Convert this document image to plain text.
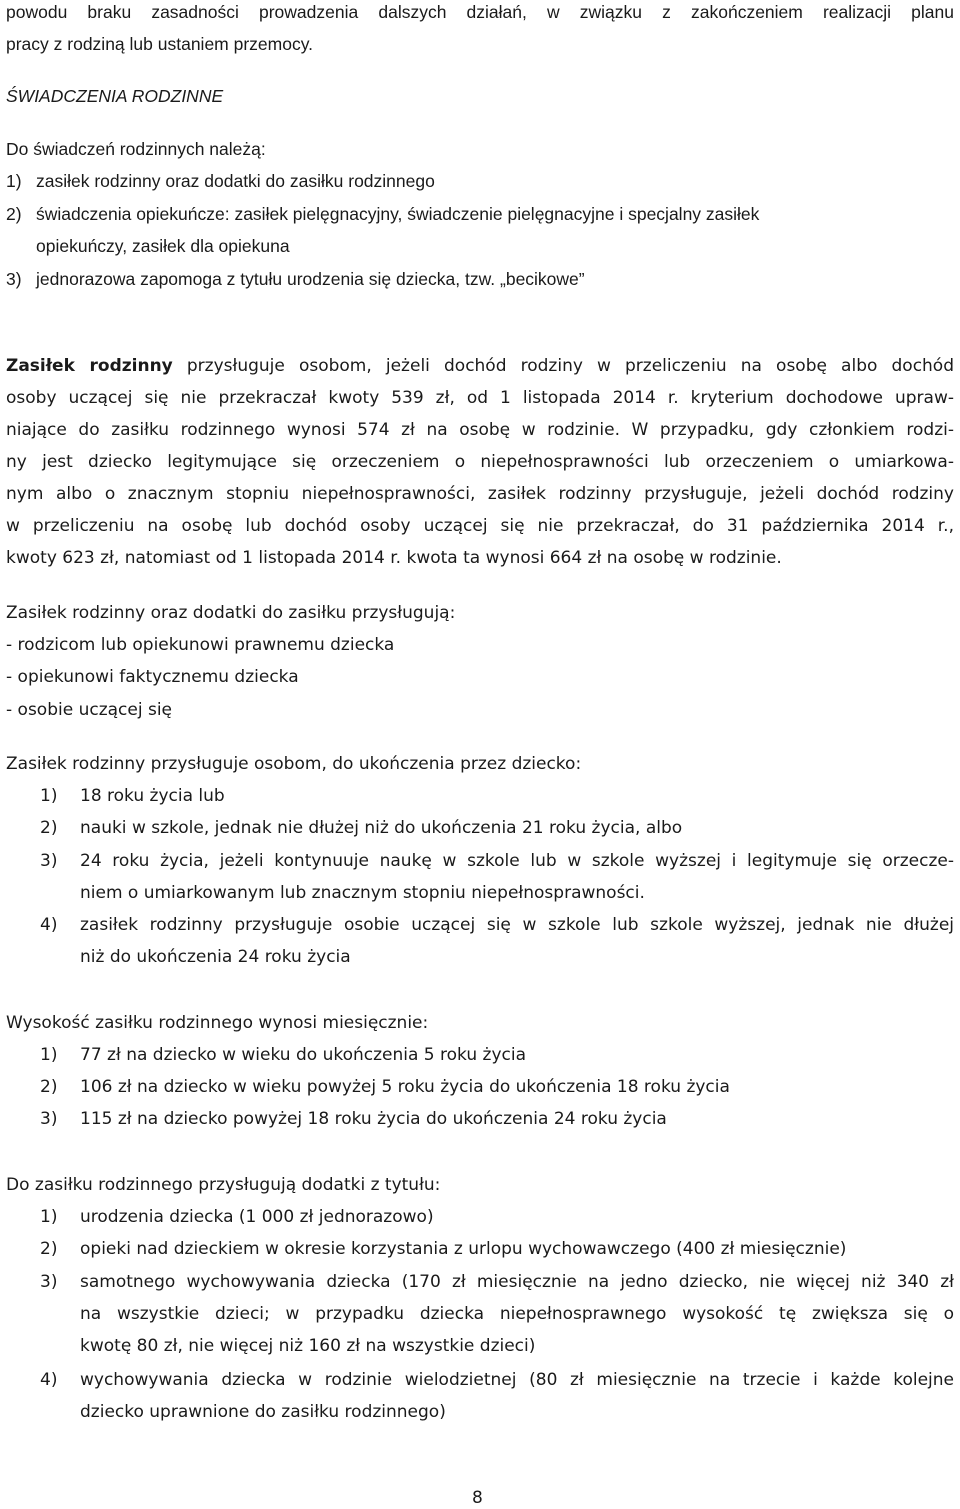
powodu braku zasadności prowadzenia dalszych działań, w związku z zakończeniem realizacji planu
pracy z rodziną lub ustaniem przemocy.
ŚWIADCZENIA RODZINNE
Do świadczeń rodzinnych należą:
1) zasiłek rodzinny oraz dodatki do zasiłku rodzinnego
2) świadczenia opiekuńcze: zasiłek pielęgnacyjny, świadczenie pielęgnacyjne i specjalny zasiłek
opiekuńczy, zasiłek dla opiekuna
3) jednorazowa zapomoga z tytułu urodzenia się dziecka, tzw. „becikowe”
Zasiłek rodzinny przysługuje osobom, jeżeli dochód rodziny w przeliczeniu na osobę albo dochód
osoby uczącej się nie przekraczał kwoty 539 zł, od 1 listopada 2014 r. kryterium dochodowe upraw-
niające do zasiłku rodzinnego wynosi 574 zł na osobę w rodzinie. W przypadku, gdy członkiem rodzi-
ny jest dziecko legitymujące się orzeczeniem o niepełnosprawności lub orzeczeniem o umiarkowa-
nym albo o znacznym stopniu niepełnosprawności, zasiłek rodzinny przysługuje, jeżeli dochód rodziny
w przeliczeniu na osobę lub dochód osoby uczącej się nie przekraczał, do 31 października 2014 r.,
kwoty 623 zł, natomiast od 1 listopada 2014 r. kwota ta wynosi 664 zł na osobę w rodzinie.
Zasiłek rodzinny oraz dodatki do zasiłku przysługują:
- rodzicom lub opiekunowi prawnemu dziecka
- opiekunowi faktycznemu dziecka
- osobie uczącej się
Zasiłek rodzinny przysługuje osobom, do ukończenia przez dziecko:
1) 18 roku życia lub
2) nauki w szkole, jednak nie dłużej niż do ukończenia 21 roku życia, albo
3) 24 roku życia, jeżeli kontynuuje naukę w szkole lub w szkole wyższej i legitymuje się orzecze-
niem o umiarkowanym lub znacznym stopniu niepełnosprawności.
4) zasiłek rodzinny przysługuje osobie uczącej się w szkole lub szkole wyższej, jednak nie dłużej
niż do ukończenia 24 roku życia
Wysokość zasiłku rodzinnego wynosi miesięcznie:
1) 77 zł na dziecko w wieku do ukończenia 5 roku życia
2) 106 zł na dziecko w wieku powyżej 5 roku życia do ukończenia 18 roku życia
3) 115 zł na dziecko powyżej 18 roku życia do ukończenia 24 roku życia
Do zasiłku rodzinnego przysługują dodatki z tytułu:
1) urodzenia dziecka (1 000 zł jednorazowo)
2) opieki nad dzieckiem w okresie korzystania z urlopu wychowawczego (400 zł miesięcznie)
3) samotnego wychowywania dziecka (170 zł miesięcznie na jedno dziecko, nie więcej niż 340 zł
na wszystkie dzieci; w przypadku dziecka niepełnosprawnego wysokość tę zwiększa się o
kwotę 80 zł, nie więcej niż 160 zł na wszystkie dzieci)
4) wychowywania dziecka w rodzinie wielodzietnej (80 zł miesięcznie na trzecie i każde kolejne
dziecko uprawnione do zasiłku rodzinnego)
8
